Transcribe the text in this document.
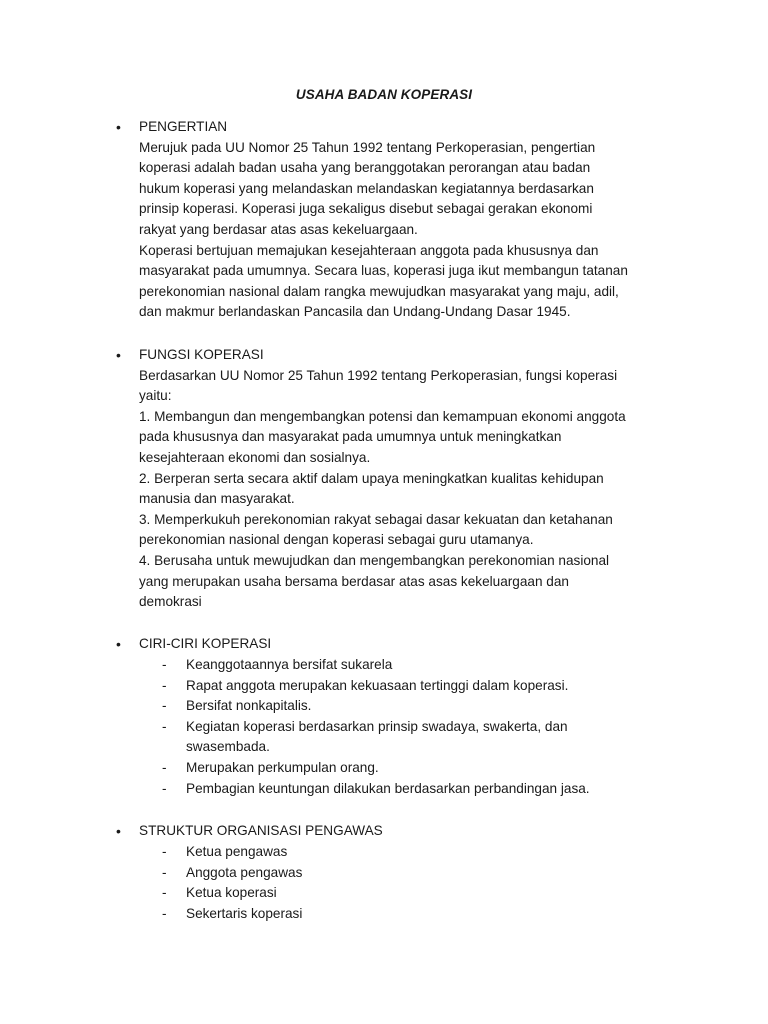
USAHA BADAN KOPERASI
• PENGERTIAN

Merujuk pada UU Nomor 25 Tahun 1992 tentang Perkoperasian, pengertian

koperasi adalah badan usaha yang beranggotakan perorangan atau badan

hukum koperasi yang melandaskan melandaskan kegiatannya berdasarkan

prinsip koperasi. Koperasi juga sekaligus disebut sebagai gerakan ekonomi

rakyat yang berdasar atas asas kekeluargaan.

Koperasi bertujuan memajukan kesejahteraan anggota pada khususnya dan

masyarakat pada umumnya. Secara luas, koperasi juga ikut membangun tatanan

perekonomian nasional dalam rangka mewujudkan masyarakat yang maju, adil,

dan makmur berlandaskan Pancasila dan Undang-Undang Dasar 1945.

• FUNGSI KOPERASI

Berdasarkan UU Nomor 25 Tahun 1992 tentang Perkoperasian, fungsi koperasi

yaitu:

1. Membangun dan mengembangkan potensi dan kemampuan ekonomi anggota

pada khususnya dan masyarakat pada umumnya untuk meningkatkan

kesejahteraan ekonomi dan sosialnya.

2. Berperan serta secara aktif dalam upaya meningkatkan kualitas kehidupan

manusia dan masyarakat.

3. Memperkukuh perekonomian rakyat sebagai dasar kekuatan dan ketahanan

perekonomian nasional dengan koperasi sebagai guru utamanya.

4. Berusaha untuk mewujudkan dan mengembangkan perekonomian nasional

yang merupakan usaha bersama berdasar atas asas kekeluargaan dan

demokrasi

• CIRI-CIRI KOPERASI

- Keanggotaannya bersifat sukarela
- Rapat anggota merupakan kekuasaan tertinggi dalam koperasi.
- Bersifat nonkapitalis.
- Kegiatan koperasi berdasarkan prinsip swadaya, swakerta, dan
swasembada.
- Merupakan perkumpulan orang.
- Pembagian keuntungan dilakukan berdasarkan perbandingan jasa.
• STRUKTUR ORGANISASI PENGAWAS

- Ketua pengawas
- Anggota pengawas
- Ketua koperasi
- Sekertaris koperasi
